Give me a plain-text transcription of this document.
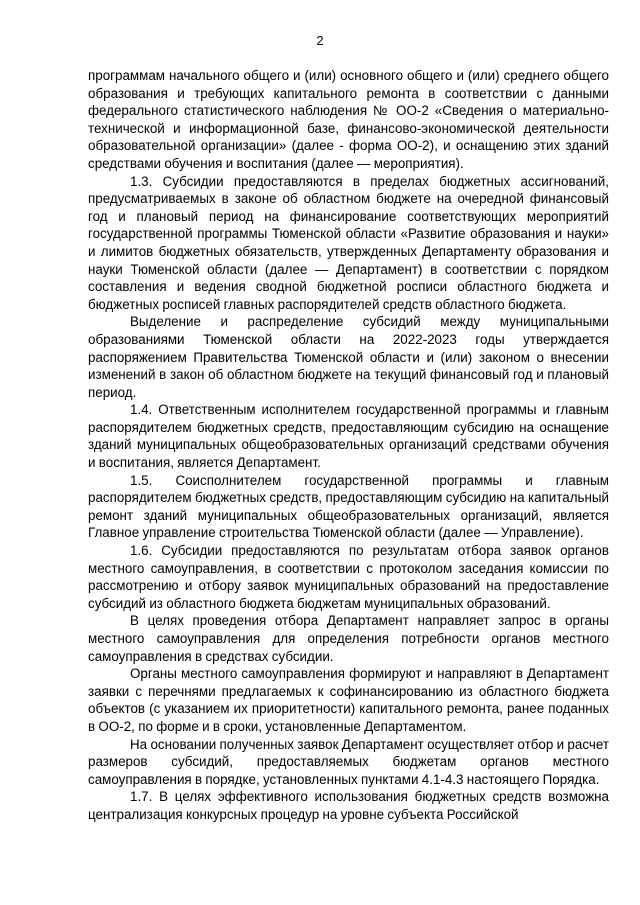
2

программам начального общего и (или) основного общего и (или) среднего общего образования и требующих капитального ремонта в соответствии с данными федерального статистического наблюдения № ОО-2 «Сведения о материально-технической и информационной базе, финансово-экономической деятельности образовательной организации» (далее - форма ОО-2), и оснащению этих зданий средствами обучения и воспитания (далее — мероприятия).

1.3. Субсидии предоставляются в пределах бюджетных ассигнований, предусматриваемых в законе об областном бюджете на очередной финансовый год и плановый период на финансирование соответствующих мероприятий государственной программы Тюменской области «Развитие образования и науки» и лимитов бюджетных обязательств, утвержденных Департаменту образования и науки Тюменской области (далее — Департамент) в соответствии с порядком составления и ведения сводной бюджетной росписи областного бюджета и бюджетных росписей главных распорядителей средств областного бюджета.

Выделение и распределение субсидий между муниципальными образованиями Тюменской области на 2022-2023 годы утверждается распоряжением Правительства Тюменской области и (или) законом о внесении изменений в закон об областном бюджете на текущий финансовый год и плановый период.

1.4. Ответственным исполнителем государственной программы и главным распорядителем бюджетных средств, предоставляющим субсидию на оснащение зданий муниципальных общеобразовательных организаций средствами обучения и воспитания, является Департамент.

1.5. Соисполнителем государственной программы и главным распорядителем бюджетных средств, предоставляющим субсидию на капитальный ремонт зданий муниципальных общеобразовательных организаций, является Главное управление строительства Тюменской области (далее — Управление).

1.6. Субсидии предоставляются по результатам отбора заявок органов местного самоуправления, в соответствии с протоколом заседания комиссии по рассмотрению и отбору заявок муниципальных образований на предоставление субсидий из областного бюджета бюджетам муниципальных образований.

В целях проведения отбора Департамент направляет запрос в органы местного самоуправления для определения потребности органов местного самоуправления в средствах субсидии.

Органы местного самоуправления формируют и направляют в Департамент заявки с перечнями предлагаемых к софинансированию из областного бюджета объектов (с указанием их приоритетности) капитального ремонта, ранее поданных в ОО-2, по форме и в сроки, установленные Департаментом.

На основании полученных заявок Департамент осуществляет отбор и расчет размеров субсидий, предоставляемых бюджетам органов местного самоуправления в порядке, установленных пунктами 4.1-4.3 настоящего Порядка.

1.7. В целях эффективного использования бюджетных средств возможна централизация конкурсных процедур на уровне субъекта Российской
